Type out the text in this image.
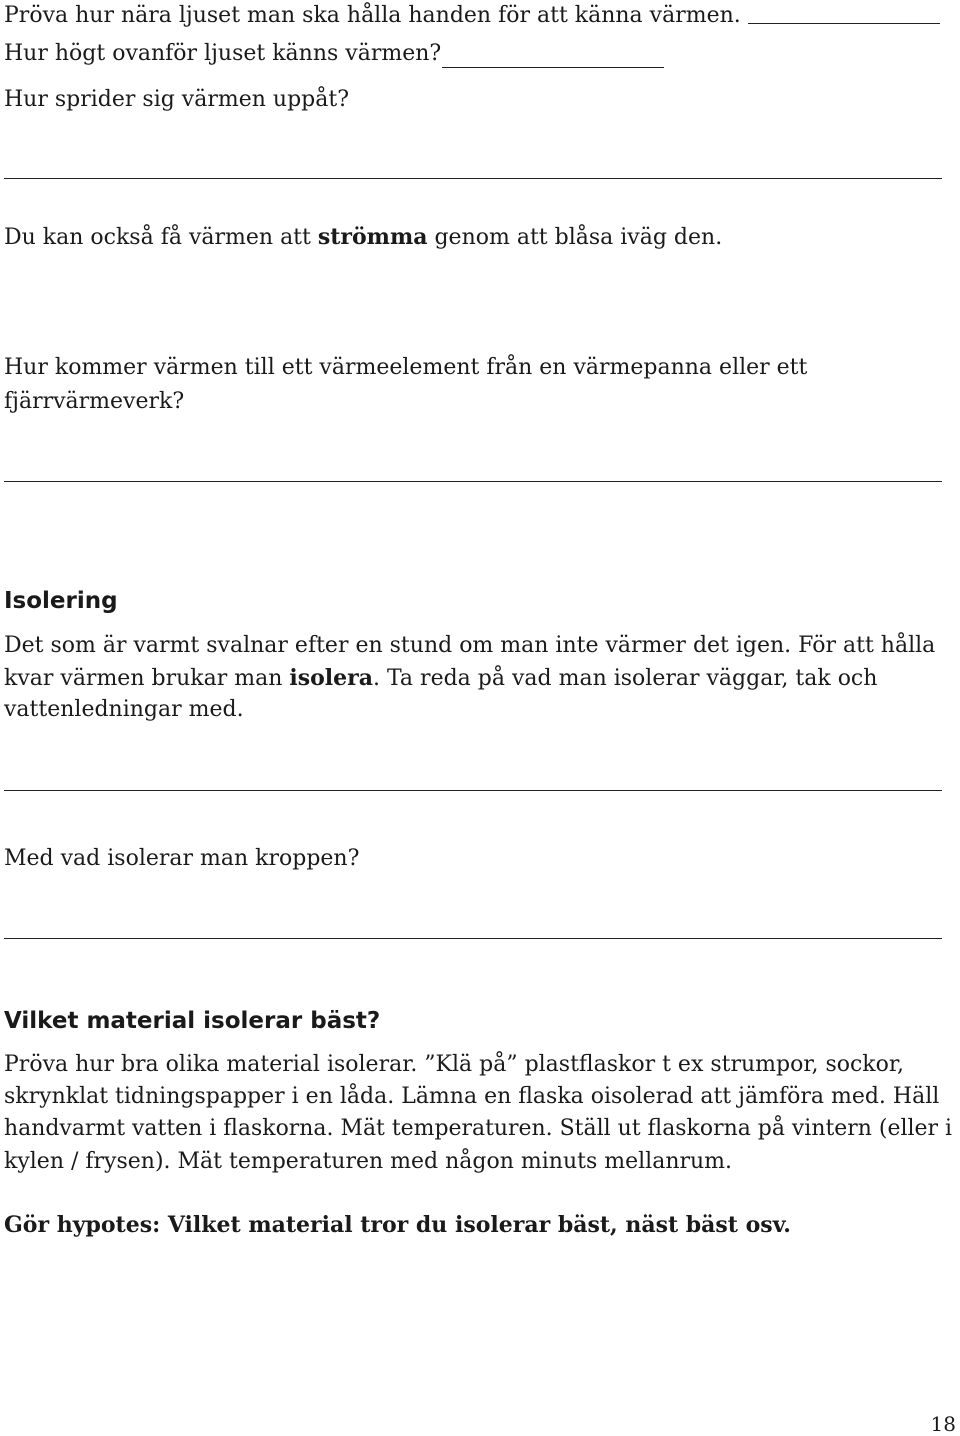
Pröva hur nära ljuset man ska hålla handen för att känna värmen.

Hur högt ovanför ljuset känns värmen?

Hur sprider sig värmen uppåt?

Du kan också få värmen att strömma genom att blåsa iväg den.

Hur kommer värmen till ett värmeelement från en värmepanna eller ett

fjärrvärmeverk?

Isolering

Det som är varmt svalnar efter en stund om man inte värmer det igen. För att hålla

kvar värmen brukar man isolera. Ta reda på vad man isolerar väggar, tak och

vattenledningar med.

Med vad isolerar man kroppen?

Vilket material isolerar bäst?

Pröva hur bra olika material isolerar. ”Klä på” plastflaskor t ex strumpor, sockor,

skrynklat tidningspapper i en låda. Lämna en flaska oisolerad att jämföra med. Häll

handvarmt vatten i flaskorna. Mät temperaturen. Ställ ut flaskorna på vintern (eller i

kylen / frysen). Mät temperaturen med någon minuts mellanrum.

Gör hypotes: Vilket material tror du isolerar bäst, näst bäst osv.

18
